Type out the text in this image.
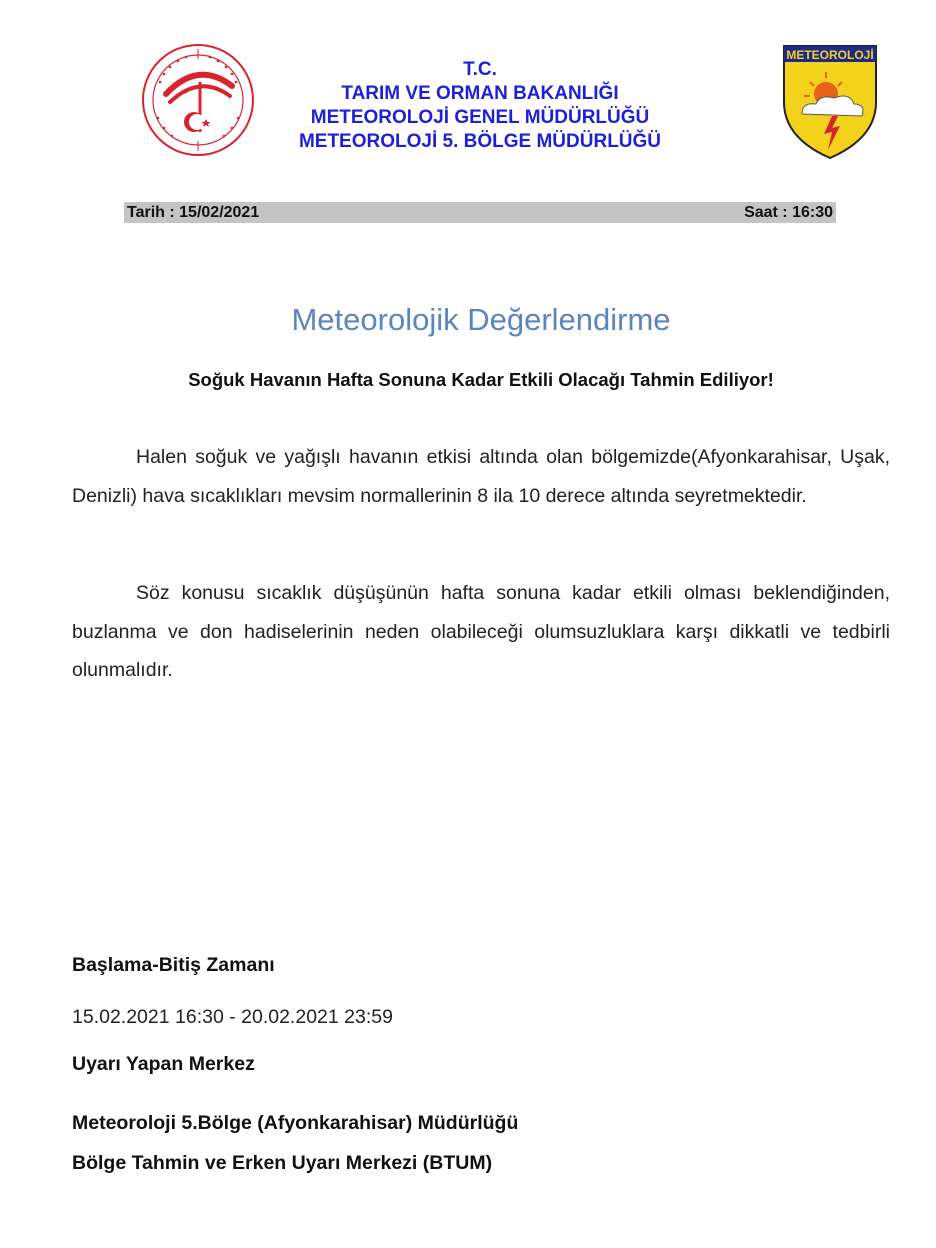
T.C.
TARIM VE ORMAN BAKANLIĞI
METEOROLOJİ GENEL MÜDÜRLÜĞÜ
METEOROLOJİ 5. BÖLGE MÜDÜRLÜĞÜ
METEOROLOJİ
Tarih : 15/02/2021	Saat : 16:30
Meteorolojik Değerlendirme
Soğuk Havanın Hafta Sonuna Kadar Etkili Olacağı Tahmin Ediliyor!
Halen soğuk ve yağışlı havanın etkisi altında olan bölgemizde(Afyonkarahisar, Uşak, Denizli) hava sıcaklıkları mevsim normallerinin 8 ila 10 derece altında seyretmektedir.
Söz konusu sıcaklık düşüşünün hafta sonuna kadar etkili olması beklendiğinden, buzlanma ve don hadiselerinin neden olabileceği olumsuzluklara karşı dikkatli ve tedbirli olunmalıdır.
Başlama-Bitiş Zamanı
15.02.2021 16:30 - 20.02.2021 23:59
Uyarı Yapan Merkez
Meteoroloji 5.Bölge (Afyonkarahisar) Müdürlüğü
Bölge Tahmin ve Erken Uyarı Merkezi (BTUM)
